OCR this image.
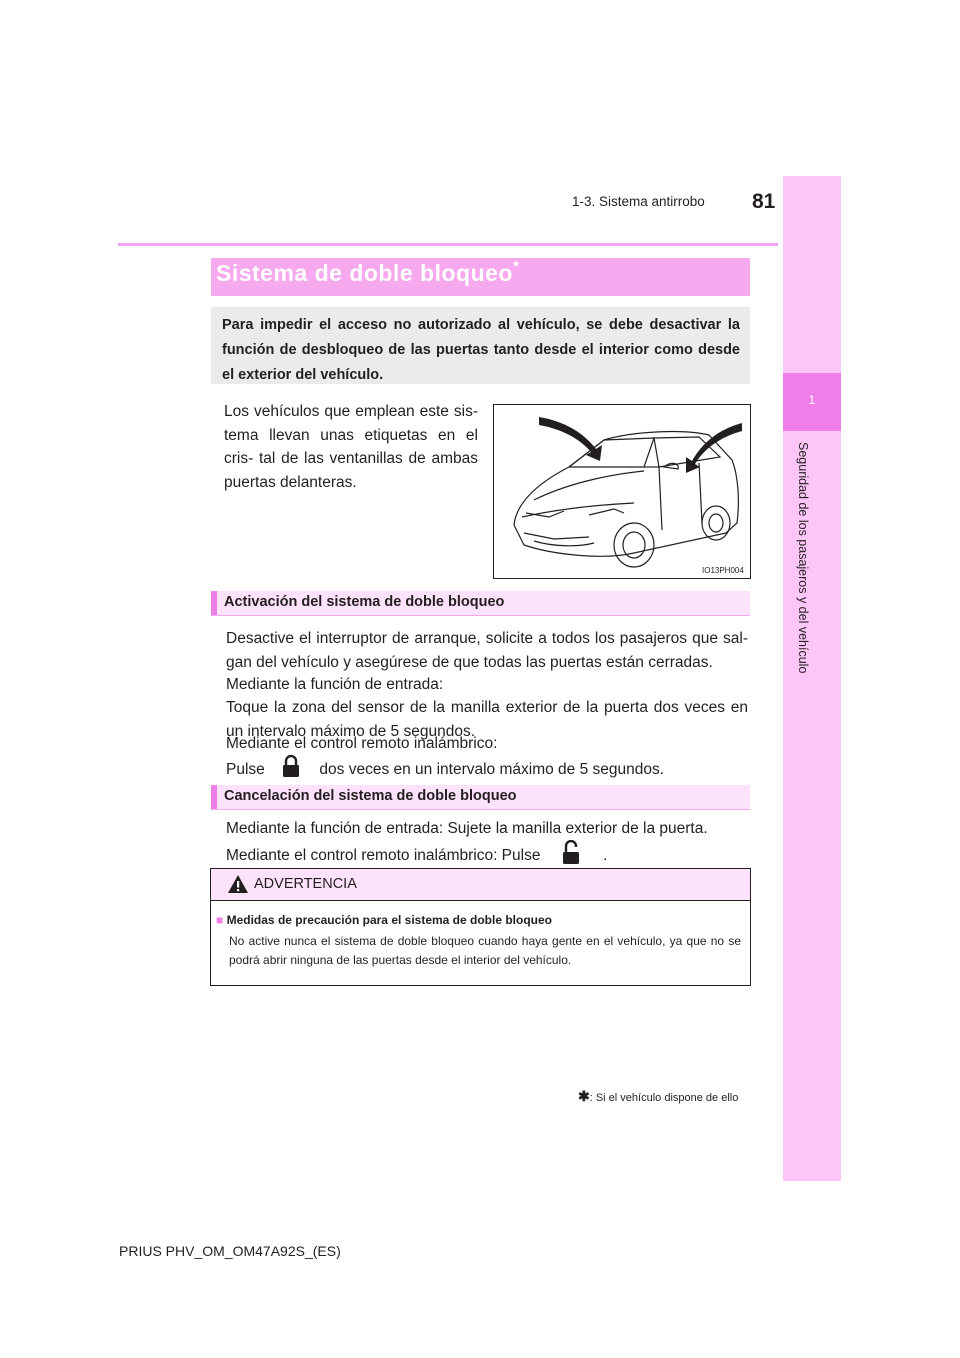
1
Seguridad de los pasajeros y del vehículo
1-3. Sistema antirrobo 81
Sistema de doble bloqueo*
Para impedir el acceso no autorizado al vehículo, se debe desactivar la función de desbloqueo de las puertas tanto desde el interior como desde el exterior del vehículo.
Los vehículos que emplean este sis- tema llevan unas etiquetas en el cris- tal de las ventanillas de ambas puertas delanteras.
IO13PH004
Activación del sistema de doble bloqueo
Desactive el interruptor de arranque, solicite a todos los pasajeros que sal- gan del vehículo y asegúrese de que todas las puertas están cerradas.
Mediante la función de entrada:
Toque la zona del sensor de la manilla exterior de la puerta dos veces en un intervalo máximo de 5 segundos.
Mediante el control remoto inalámbrico:
Pulse	dos veces en un intervalo máximo de 5 segundos.
Cancelación del sistema de doble bloqueo
Mediante la función de entrada: Sujete la manilla exterior de la puerta.
Mediante el control remoto inalámbrico: Pulse	.
ADVERTENCIA
■ Medidas de precaución para el sistema de doble bloqueo
No active nunca el sistema de doble bloqueo cuando haya gente en el vehículo, ya que no se podrá abrir ninguna de las puertas desde el interior del vehículo.
✱: Si el vehículo dispone de ello
PRIUS PHV_OM_OM47A92S_(ES)
